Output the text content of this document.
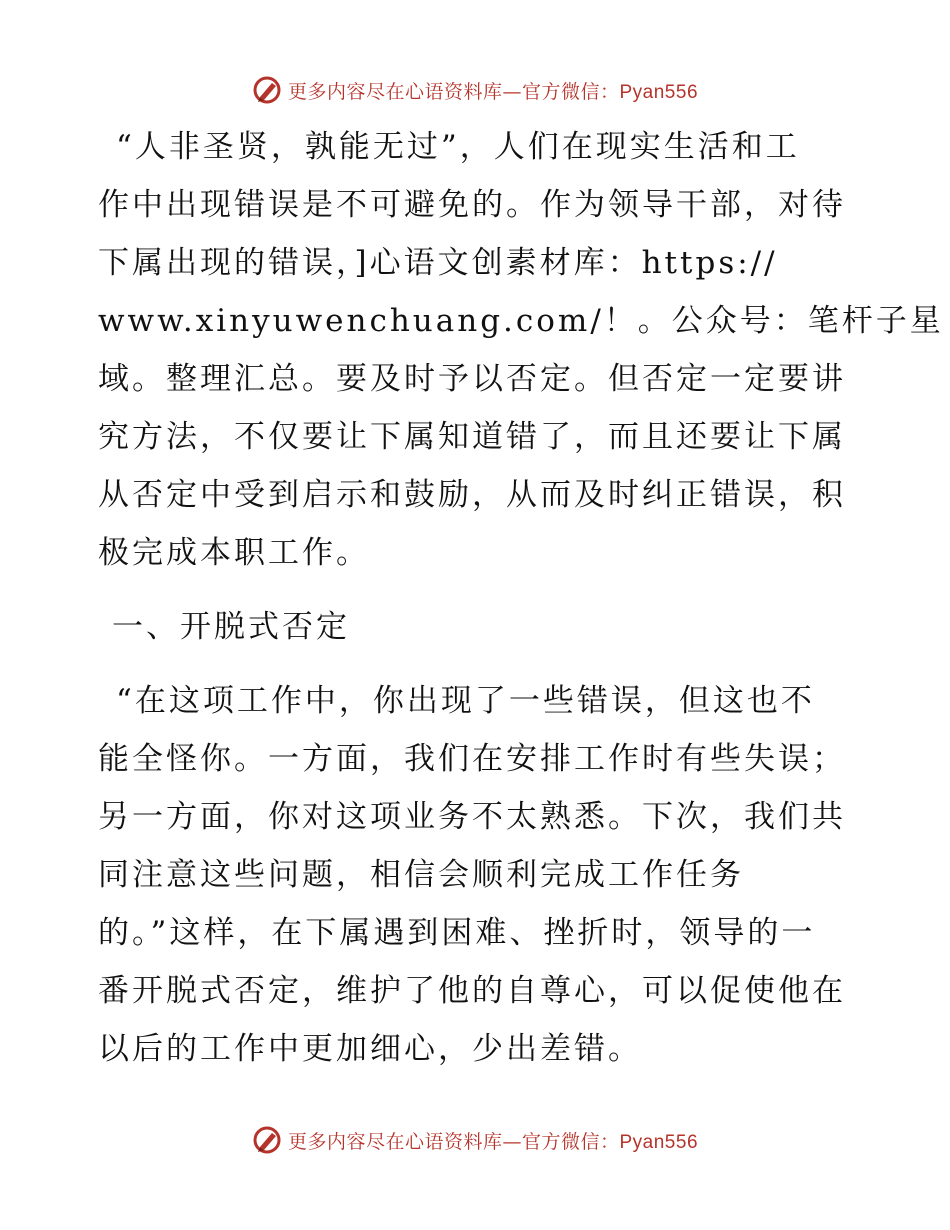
更多内容尽在心语资料库—官方微信：Pyan556
“人非圣贤，孰能无过”，人们在现实生活和工
作中出现错误是不可避免的。作为领导干部，对待
下属出现的错误，]心语文创素材库：https://
www.xinyuwenchuang.com/！。公众号：笔杆子星
域。整理汇总。要及时予以否定。但否定一定要讲
究方法，不仅要让下属知道错了，而且还要让下属
从否定中受到启示和鼓励，从而及时纠正错误，积
极完成本职工作。
一、开脱式否定
“在这项工作中，你出现了一些错误，但这也不
能全怪你。一方面，我们在安排工作时有些失误；
另一方面，你对这项业务不太熟悉。下次，我们共
同注意这些问题，相信会顺利完成工作任务
的。”这样，在下属遇到困难、挫折时，领导的一
番开脱式否定，维护了他的自尊心，可以促使他在
以后的工作中更加细心，少出差错。
更多内容尽在心语资料库—官方微信：Pyan556
